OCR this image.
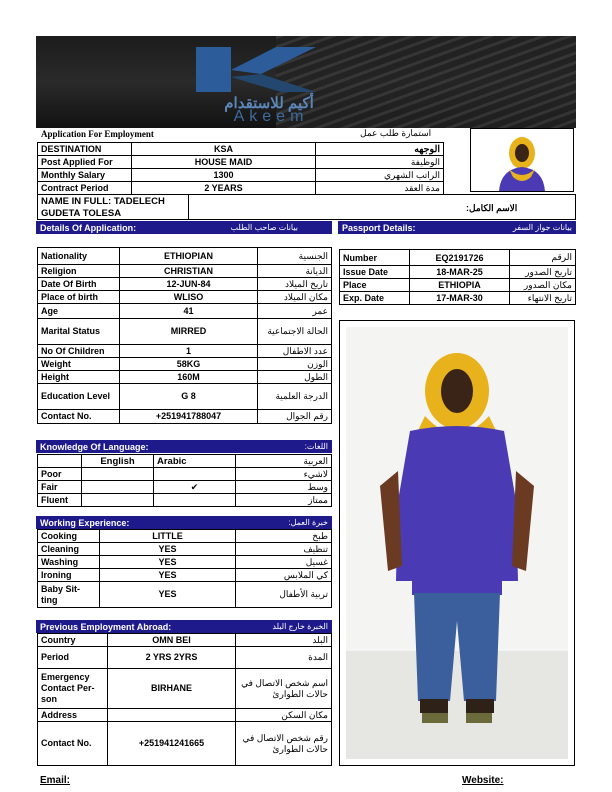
أكيم للاستقدام
Akeem
Application For Employment	استمارة طلب عمل
DESTINATION	KSA	الوجهه
Post Applied For	HOUSE MAID	الوظيفة
Monthly Salary	1300	الراتب الشهري
Contract Period	2 YEARS	مدة العقد
NAME IN FULL: TADELECH
GUDETA TOLESA	الاسم الكامل:
Details Of Application:	بيانات صاحب الطلب	Passport Details:	بيانات جواز السفر
Nationality	ETHIOPIAN	الجنسية
Religion	CHRISTIAN	الديانة
Date Of Birth	12-JUN-84	تاريخ الميلاد
Place of birth	WLISO	مكان الميلاد
Age	41	عمر
Marital Status	MIRRED	الحالة الاجتماعية
No Of Children	1	عدد الاطفال
Weight	58KG	الوزن
Height	160M	الطول
Education Level	G 8	الدرجة العلمية
Contact No.	+251941788047	رقم الجوال
Number	EQ2191726	الرقم
Issue Date	18-MAR-25	تاريخ الصدور
Place	ETHIOPIA	مكان الصدور
Exp. Date	17-MAR-30	تاريخ الانتهاء
Knowledge Of Language:	اللغات:
	English	Arabic	العربية
Poor			لاشيء
Fair		✔	وسط
Fluent			ممتاز
Working Experience:	خبرة العمل:
Cooking	LITTLE	طبخ
Cleaning	YES	تنظيف
Washing	YES	غسيل
Ironing	YES	كي الملابس
Baby Sit-ting	YES	تربية الأطفال
Previous Employment Abroad:	الخبرة خارج البلد
Country	OMN BEI	البلد
Period	2 YRS 2YRS	المدة
Emergency Contact Per-son	BIRHANE	اسم شخص الاتصال في حالات الطوارئ
Address		مكان السكن
Contact No.	+251941241665	رقم شخص الاتصال في حالات الطوارئ
Email:	Website:
